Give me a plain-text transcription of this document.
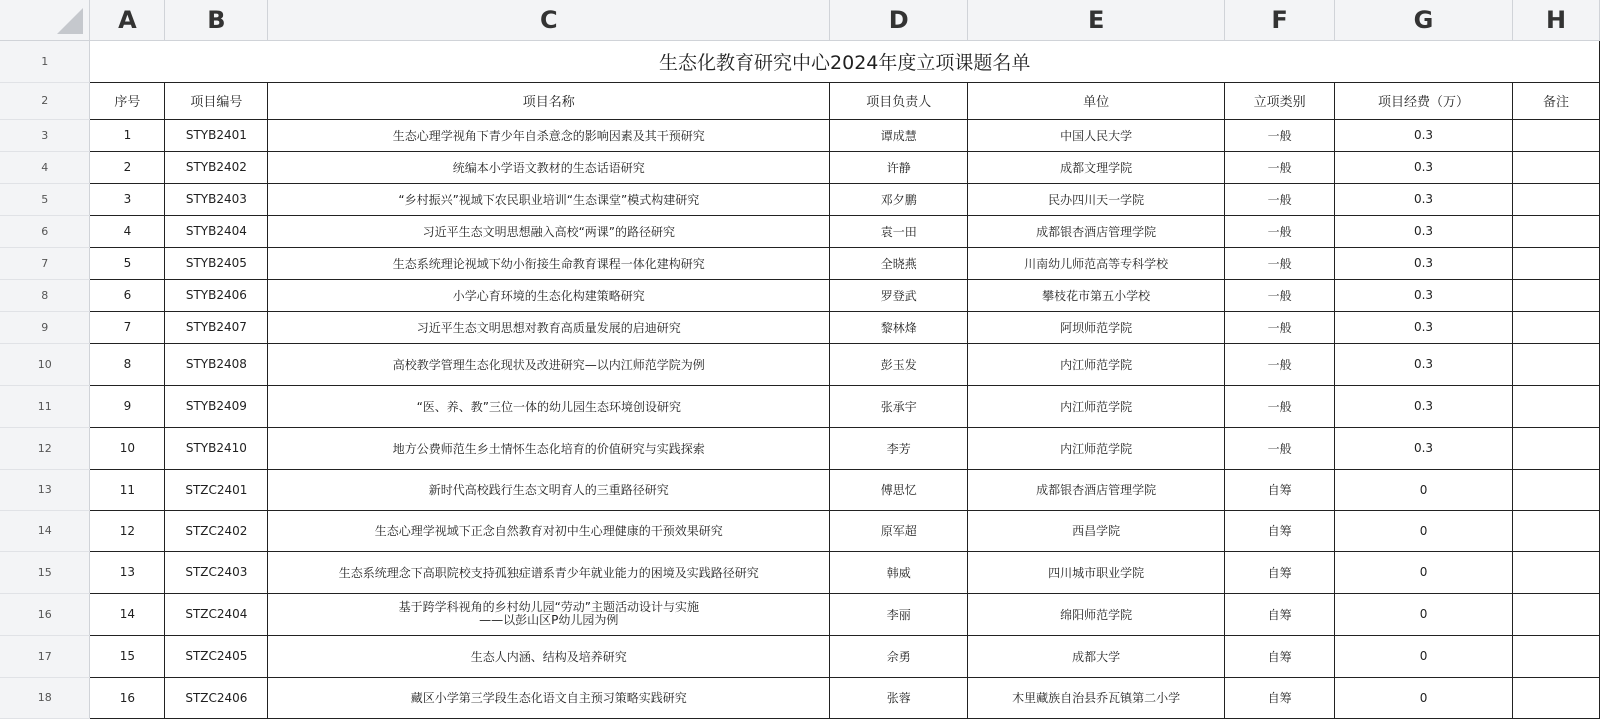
	A	B	C	D	E	F	G	H
1	生态化教育研究中心2024年度立项课题名单							
2	序号	项目编号	项目名称	项目负责人	单位	立项类别	项目经费（万）	备注
3	1	STYB2401	生态心理学视角下青少年自杀意念的影响因素及其干预研究	谭成慧	中国人民大学	一般	0.3	
4	2	STYB2402	统编本小学语文教材的生态话语研究	许静	成都文理学院	一般	0.3	
5	3	STYB2403	“乡村振兴”视域下农民职业培训“生态课堂”模式构建研究	邓夕鹏	民办四川天一学院	一般	0.3	
6	4	STYB2404	习近平生态文明思想融入高校“两课”的路径研究	袁一田	成都银杏酒店管理学院	一般	0.3	
7	5	STYB2405	生态系统理论视域下幼小衔接生命教育课程一体化建构研究	全晓燕	川南幼儿师范高等专科学校	一般	0.3	
8	6	STYB2406	小学心育环境的生态化构建策略研究	罗登武	攀枝花市第五小学校	一般	0.3	
9	7	STYB2407	习近平生态文明思想对教育高质量发展的启迪研究	黎林烽	阿坝师范学院	一般	0.3	
10	8	STYB2408	高校教学管理生态化现状及改进研究—以内江师范学院为例	彭玉发	内江师范学院	一般	0.3	
11	9	STYB2409	“医、养、教”三位一体的幼儿园生态环境创设研究	张承宇	内江师范学院	一般	0.3	
12	10	STYB2410	地方公费师范生乡土情怀生态化培育的价值研究与实践探索	李芳	内江师范学院	一般	0.3	
13	11	STZC2401	新时代高校践行生态文明育人的三重路径研究	傅思忆	成都银杏酒店管理学院	自筹	0	
14	12	STZC2402	生态心理学视域下正念自然教育对初中生心理健康的干预效果研究	原军超	西昌学院	自筹	0	
15	13	STZC2403	生态系统理念下高职院校支持孤独症谱系青少年就业能力的困境及实践路径研究	韩威	四川城市职业学院	自筹	0	
16	14	STZC2404	基于跨学科视角的乡村幼儿园“劳动”主题活动设计与实施
——以彭山区P幼儿园为例	李丽	绵阳师范学院	自筹	0	
17	15	STZC2405	生态人内涵、结构及培养研究	佘勇	成都大学	自筹	0	
18	16	STZC2406	藏区小学第三学段生态化语文自主预习策略实践研究	张蓉	木里藏族自治县乔瓦镇第二小学	自筹	0	
